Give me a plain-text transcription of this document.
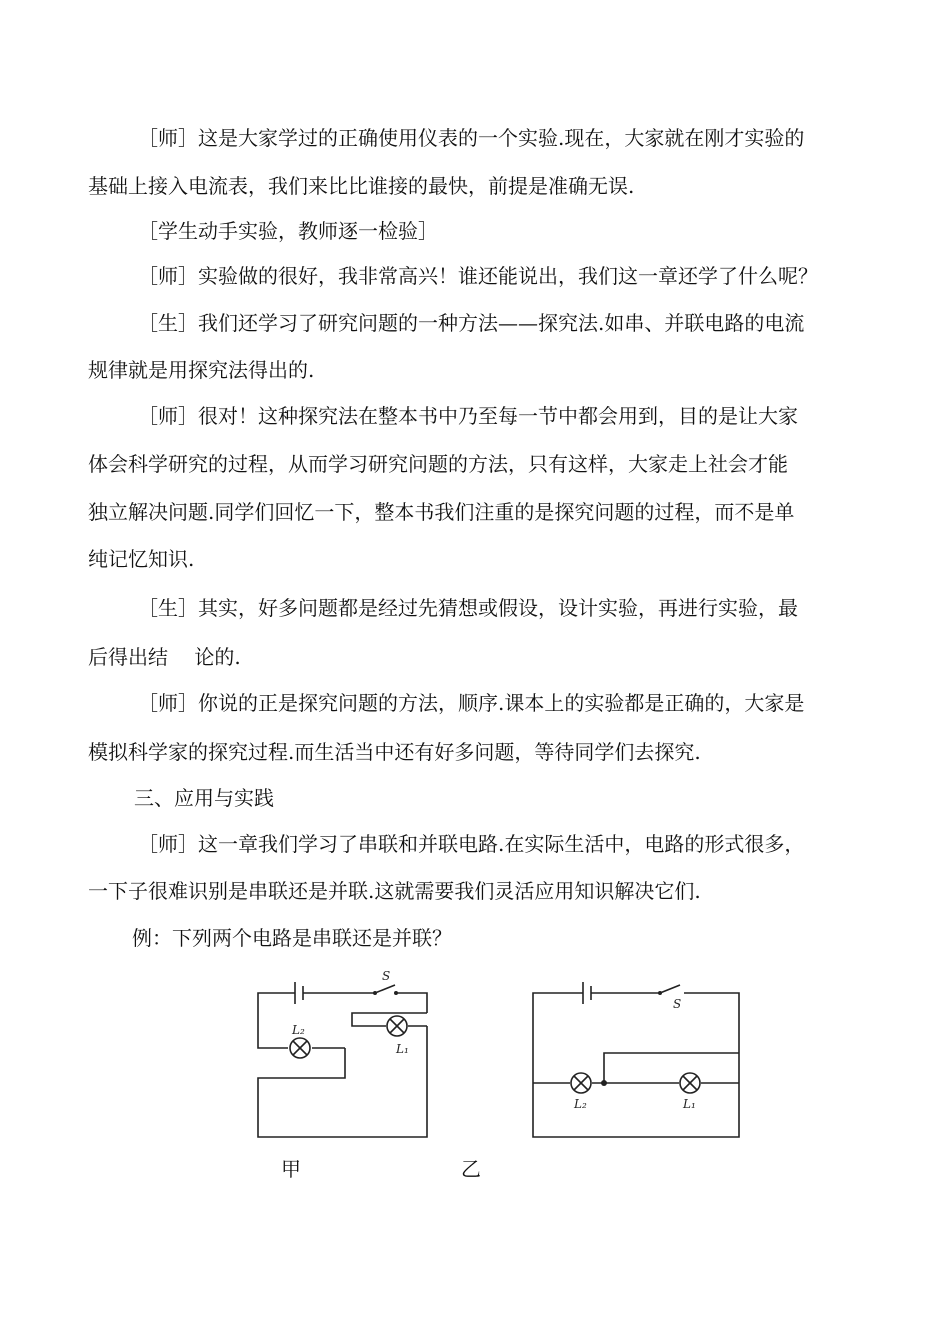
［师］这是大家学过的正确使用仪表的一个实验.现在，大家就在刚才实验的
基础上接入电流表，我们来比比谁接的最快，前提是准确无误.
［学生动手实验，教师逐一检验］
［师］实验做的很好，我非常高兴！谁还能说出，我们这一章还学了什么呢？
［生］我们还学习了研究问题的一种方法——探究法.如串、并联电路的电流
规律就是用探究法得出的.
［师］很对！这种探究法在整本书中乃至每一节中都会用到，目的是让大家
体会科学研究的过程，从而学习研究问题的方法，只有这样，大家走上社会才能
独立解决问题.同学们回忆一下，整本书我们注重的是探究问题的过程，而不是单
纯记忆知识.
［生］其实，好多问题都是经过先猜想或假设，设计实验，再进行实验，最
后得出结　 论的.
［师］你说的正是探究问题的方法，顺序.课本上的实验都是正确的，大家是
模拟科学家的探究过程.而生活当中还有好多问题，等待同学们去探究.
三、应用与实践
［师］这一章我们学习了串联和并联电路.在实际生活中，电路的形式很多，
一下子很难识别是串联还是并联.这就需要我们灵活应用知识解决它们.
例：下列两个电路是串联还是并联？
S
L₂
L₁
S
L₂	L₁
甲	乙
